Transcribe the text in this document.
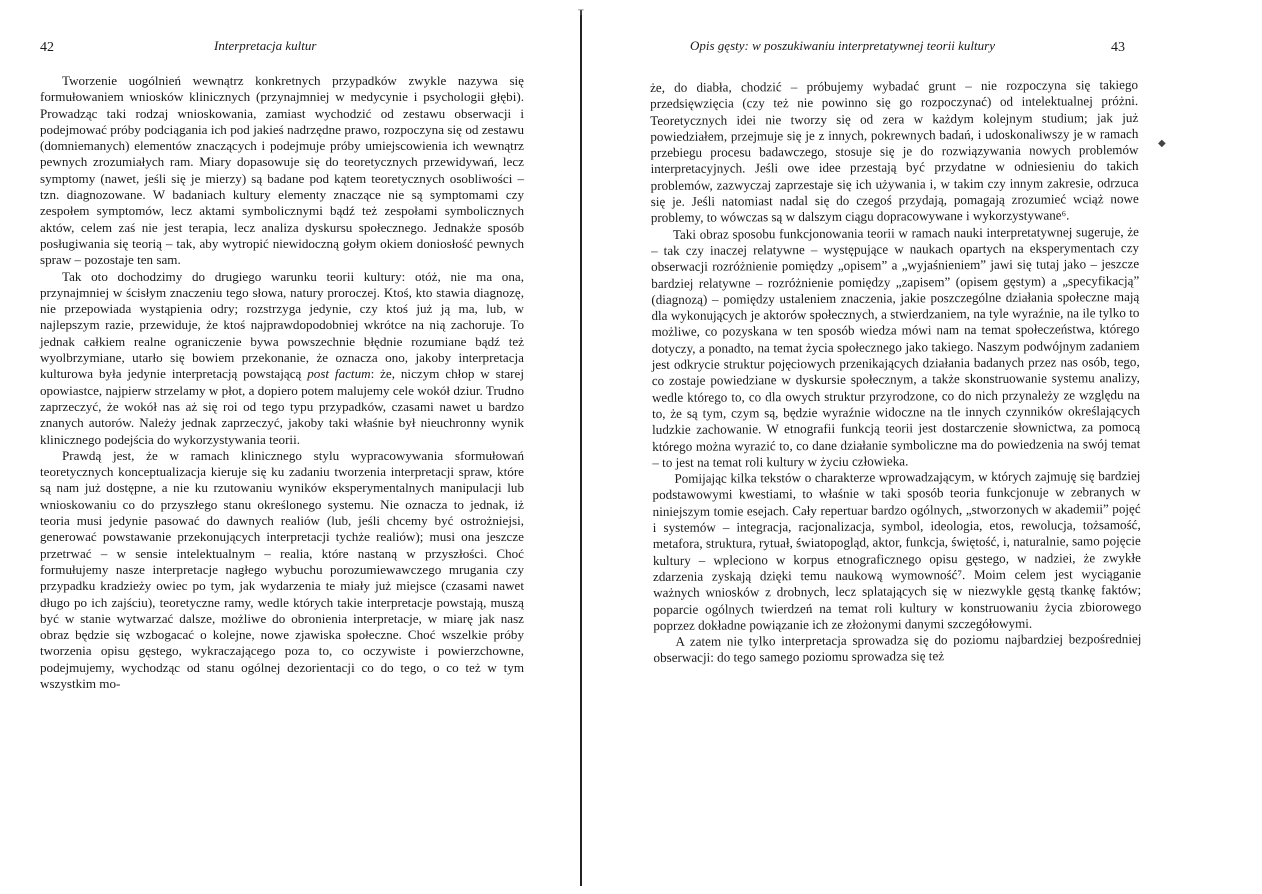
42	Interpretacja kultur

Tworzenie uogólnień wewnątrz konkretnych przypadków zwykle nazywa się formułowaniem wniosków klinicznych (przynajmniej w medycynie i psychologii głębi). Prowadząc taki rodzaj wnioskowania, zamiast wychodzić od zestawu obserwacji i podejmować próby podciągania ich pod jakieś nadrzędne prawo, rozpoczyna się od zestawu (domniemanych) elementów znaczących i podejmuje próby umiejscowienia ich wewnątrz pewnych zrozumiałych ram. Miary dopasowuje się do teoretycznych przewidywań, lecz symptomy (nawet, jeśli się je mierzy) są badane pod kątem teoretycznych osobliwości – tzn. diagnozowane. W badaniach kultury elementy znaczące nie są symptomami czy zespołem symptomów, lecz aktami symbolicznymi bądź też zespołami symbolicznych aktów, celem zaś nie jest terapia, lecz analiza dyskursu społecznego. Jednakże sposób posługiwania się teorią – tak, aby wytropić niewidoczną gołym okiem doniosłość pewnych spraw – pozostaje ten sam.

Tak oto dochodzimy do drugiego warunku teorii kultury: otóż, nie ma ona, przynajmniej w ścisłym znaczeniu tego słowa, natury proroczej. Ktoś, kto stawia diagnozę, nie przepowiada wystąpienia odry; rozstrzyga jedynie, czy ktoś już ją ma, lub, w najlepszym razie, przewiduje, że ktoś najprawdopodobniej wkrótce na nią zachoruje. To jednak całkiem realne ograniczenie bywa powszechnie błędnie rozumiane bądź też wyolbrzymiane, utarło się bowiem przekonanie, że oznacza ono, jakoby interpretacja kulturowa była jedynie interpretacją powstającą post factum: że, niczym chłop w starej opowiastce, najpierw strzelamy w płot, a dopiero potem malujemy cele wokół dziur. Trudno zaprzeczyć, że wokół nas aż się roi od tego typu przypadków, czasami nawet u bardzo znanych autorów. Należy jednak zaprzeczyć, jakoby taki właśnie był nieuchronny wynik klinicznego podejścia do wykorzystywania teorii.

Prawdą jest, że w ramach klinicznego stylu wypracowywania sformułowań teoretycznych konceptualizacja kieruje się ku zadaniu tworzenia interpretacji spraw, które są nam już dostępne, a nie ku rzutowaniu wyników eksperymentalnych manipulacji lub wnioskowaniu co do przyszłego stanu określonego systemu. Nie oznacza to jednak, iż teoria musi jedynie pasować do dawnych realiów (lub, jeśli chcemy być ostrożniejsi, generować powstawanie przekonujących interpretacji tychże realiów); musi ona jeszcze przetrwać – w sensie intelektualnym – realia, które nastaną w przyszłości. Choć formułujemy nasze interpretacje nagłego wybuchu porozumiewawczego mrugania czy przypadku kradzieży owiec po tym, jak wydarzenia te miały już miejsce (czasami nawet długo po ich zajściu), teoretyczne ramy, wedle których takie interpretacje powstają, muszą być w stanie wytwarzać dalsze, możliwe do obronienia interpretacje, w miarę jak nasz obraz będzie się wzbogacać o kolejne, nowe zjawiska społeczne. Choć wszelkie próby tworzenia opisu gęstego, wykraczającego poza to, co oczywiste i powierzchowne, podejmujemy, wychodząc od stanu ogólnej dezorientacji co do tego, o co też w tym wszystkim mo-

┬
Opis gęsty: w poszukiwaniu interpretatywnej teorii kultury	43

że, do diabła, chodzić – próbujemy wybadać grunt – nie rozpoczyna się takiego przedsięwzięcia (czy też nie powinno się go rozpoczynać) od intelektualnej próżni. Teoretycznych idei nie tworzy się od zera w każdym kolejnym studium; jak już powiedziałem, przejmuje się je z innych, pokrewnych badań, i udoskonaliwszy je w ramach przebiegu procesu badawczego, stosuje się je do rozwiązywania nowych problemów interpretacyjnych. Jeśli owe idee przestają być przydatne w odniesieniu do takich problemów, zazwyczaj zaprzestaje się ich używania i, w takim czy innym zakresie, odrzuca się je. Jeśli natomiast nadal się do czegoś przydają, pomagają zrozumieć wciąż nowe problemy, to wówczas są w dalszym ciągu dopracowywane i wykorzystywane⁶.

Taki obraz sposobu funkcjonowania teorii w ramach nauki interpretatywnej sugeruje, że – tak czy inaczej relatywne – występujące w naukach opartych na eksperymentach czy obserwacji rozróżnienie pomiędzy „opisem” a „wyjaśnieniem” jawi się tutaj jako – jeszcze bardziej relatywne – rozróżnienie pomiędzy „zapisem” (opisem gęstym) a „specyfikacją” (diagnozą) – pomiędzy ustaleniem znaczenia, jakie poszczególne działania społeczne mają dla wykonujących je aktorów społecznych, a stwierdzaniem, na tyle wyraźnie, na ile tylko to możliwe, co pozyskana w ten sposób wiedza mówi nam na temat społeczeństwa, którego dotyczy, a ponadto, na temat życia społecznego jako takiego. Naszym podwójnym zadaniem jest odkrycie struktur pojęciowych przenikających działania badanych przez nas osób, tego, co zostaje powiedziane w dyskursie społecznym, a także skonstruowanie systemu analizy, wedle którego to, co dla owych struktur przyrodzone, co do nich przynależy ze względu na to, że są tym, czym są, będzie wyraźnie widoczne na tle innych czynników określających ludzkie zachowanie. W etnografii funkcją teorii jest dostarczenie słownictwa, za pomocą którego można wyrazić to, co dane działanie symboliczne ma do powiedzenia na swój temat – to jest na temat roli kultury w życiu człowieka.

Pomijając kilka tekstów o charakterze wprowadzającym, w których zajmuję się bardziej podstawowymi kwestiami, to właśnie w taki sposób teoria funkcjonuje w zebranych w niniejszym tomie esejach. Cały repertuar bardzo ogólnych, „stworzonych w akademii” pojęć i systemów – integracja, racjonalizacja, symbol, ideologia, etos, rewolucja, tożsamość, metafora, struktura, rytuał, światopogląd, aktor, funkcja, świętość, i, naturalnie, samo pojęcie kultury – wpleciono w korpus etnograficznego opisu gęstego, w nadziei, że zwykłe zdarzenia zyskają dzięki temu naukową wymowność⁷. Moim celem jest wyciąganie ważnych wniosków z drobnych, lecz splatających się w niezwykle gęstą tkankę faktów; poparcie ogólnych twierdzeń na temat roli kultury w konstruowaniu życia zbiorowego poprzez dokładne powiązanie ich ze złożonymi danymi szczegółowymi.

A zatem nie tylko interpretacja sprowadza się do poziomu najbardziej bezpośredniej obserwacji: do tego samego poziomu sprowadza się też

◆
